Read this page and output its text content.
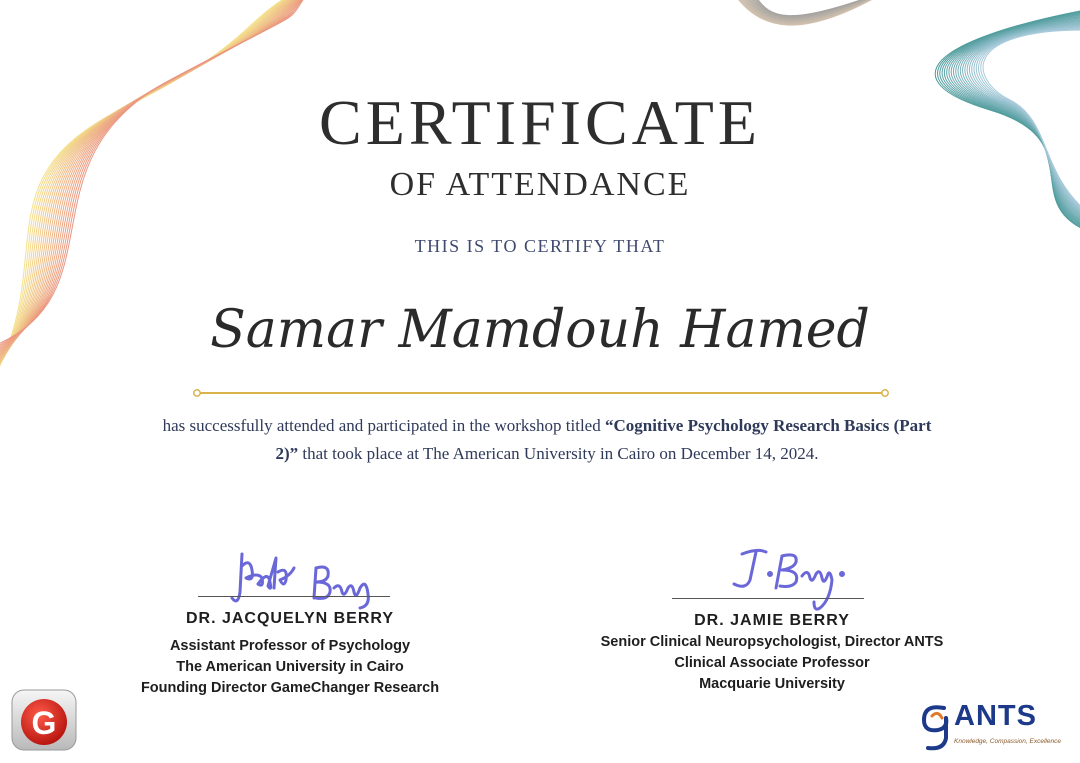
CERTIFICATE
OF ATTENDANCE
THIS IS TO CERTIFY THAT
Samar Mamdouh Hamed
has successfully attended and participated in the workshop titled “Cognitive Psychology Research Basics (Part 2)” that took place at The American University in Cairo on December 14, 2024.
DR. JACQUELYN BERRY
Assistant Professor of Psychology
The American University in Cairo
Founding Director GameChanger Research
DR. JAMIE BERRY
Senior Clinical Neuropsychologist, Director ANTS
Clinical Associate Professor
Macquarie University
G	ANTS
Knowledge, Compassion, Excellence
